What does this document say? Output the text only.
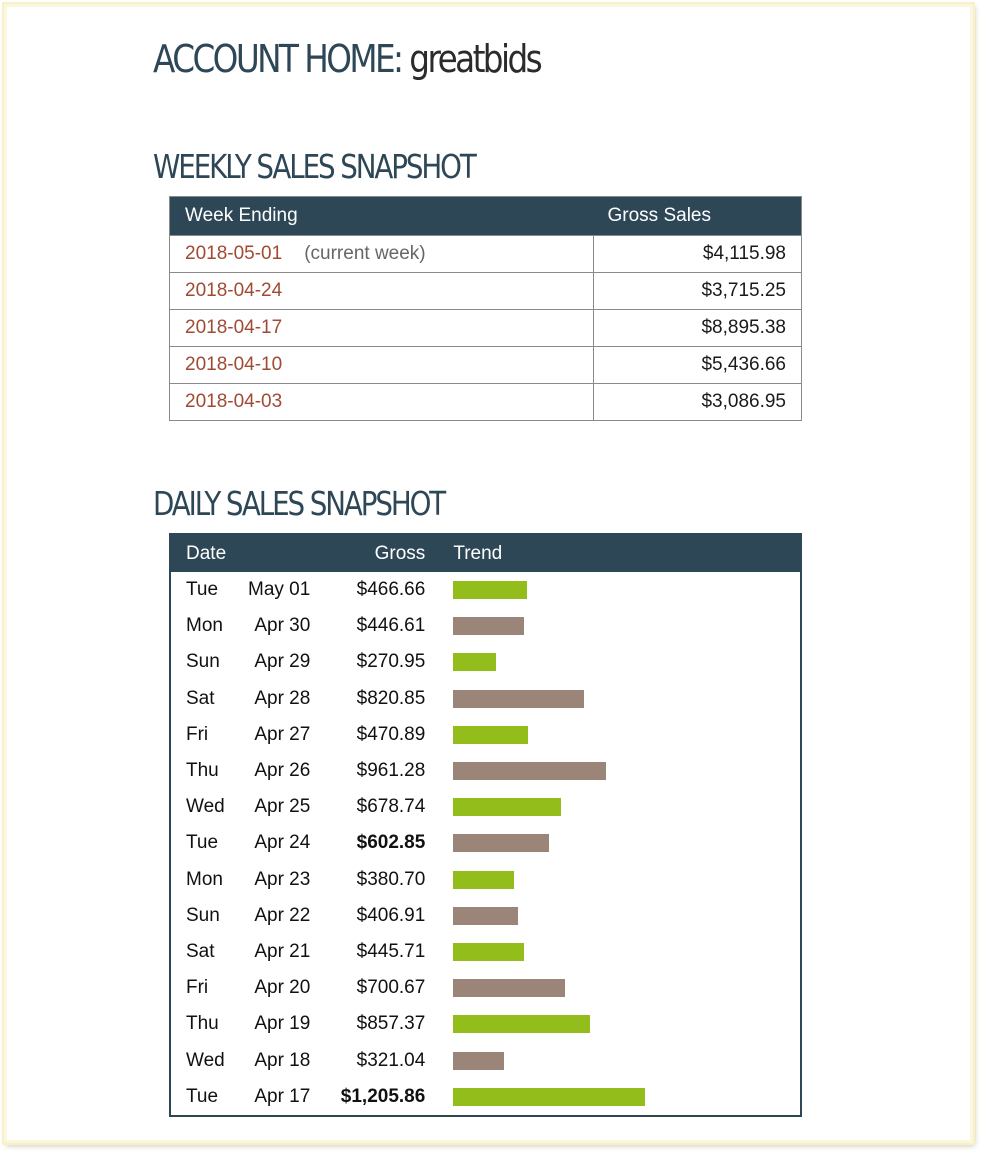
ACCOUNT HOME: greatbids
WEEKLY SALES SNAPSHOT
Week Ending	Gross Sales
2018-05-01 (current week)	$4,115.98
2018-04-24	$3,715.25
2018-04-17	$8,895.38
2018-04-10	$5,436.66
2018-04-03	$3,086.95
DAILY SALES SNAPSHOT
Date		Gross	Trend
Tue	May 01	$466.66	

Mon	Apr 30	$446.61	

Sun	Apr 29	$270.95	

Sat	Apr 28	$820.85	

Fri	Apr 27	$470.89	

Thu	Apr 26	$961.28	

Wed	Apr 25	$678.74	

Tue	Apr 24	$602.85	

Mon	Apr 23	$380.70	

Sun	Apr 22	$406.91	

Sat	Apr 21	$445.71	

Fri	Apr 20	$700.67	

Thu	Apr 19	$857.37	

Wed	Apr 18	$321.04	

Tue	Apr 17	$1,205.86	
